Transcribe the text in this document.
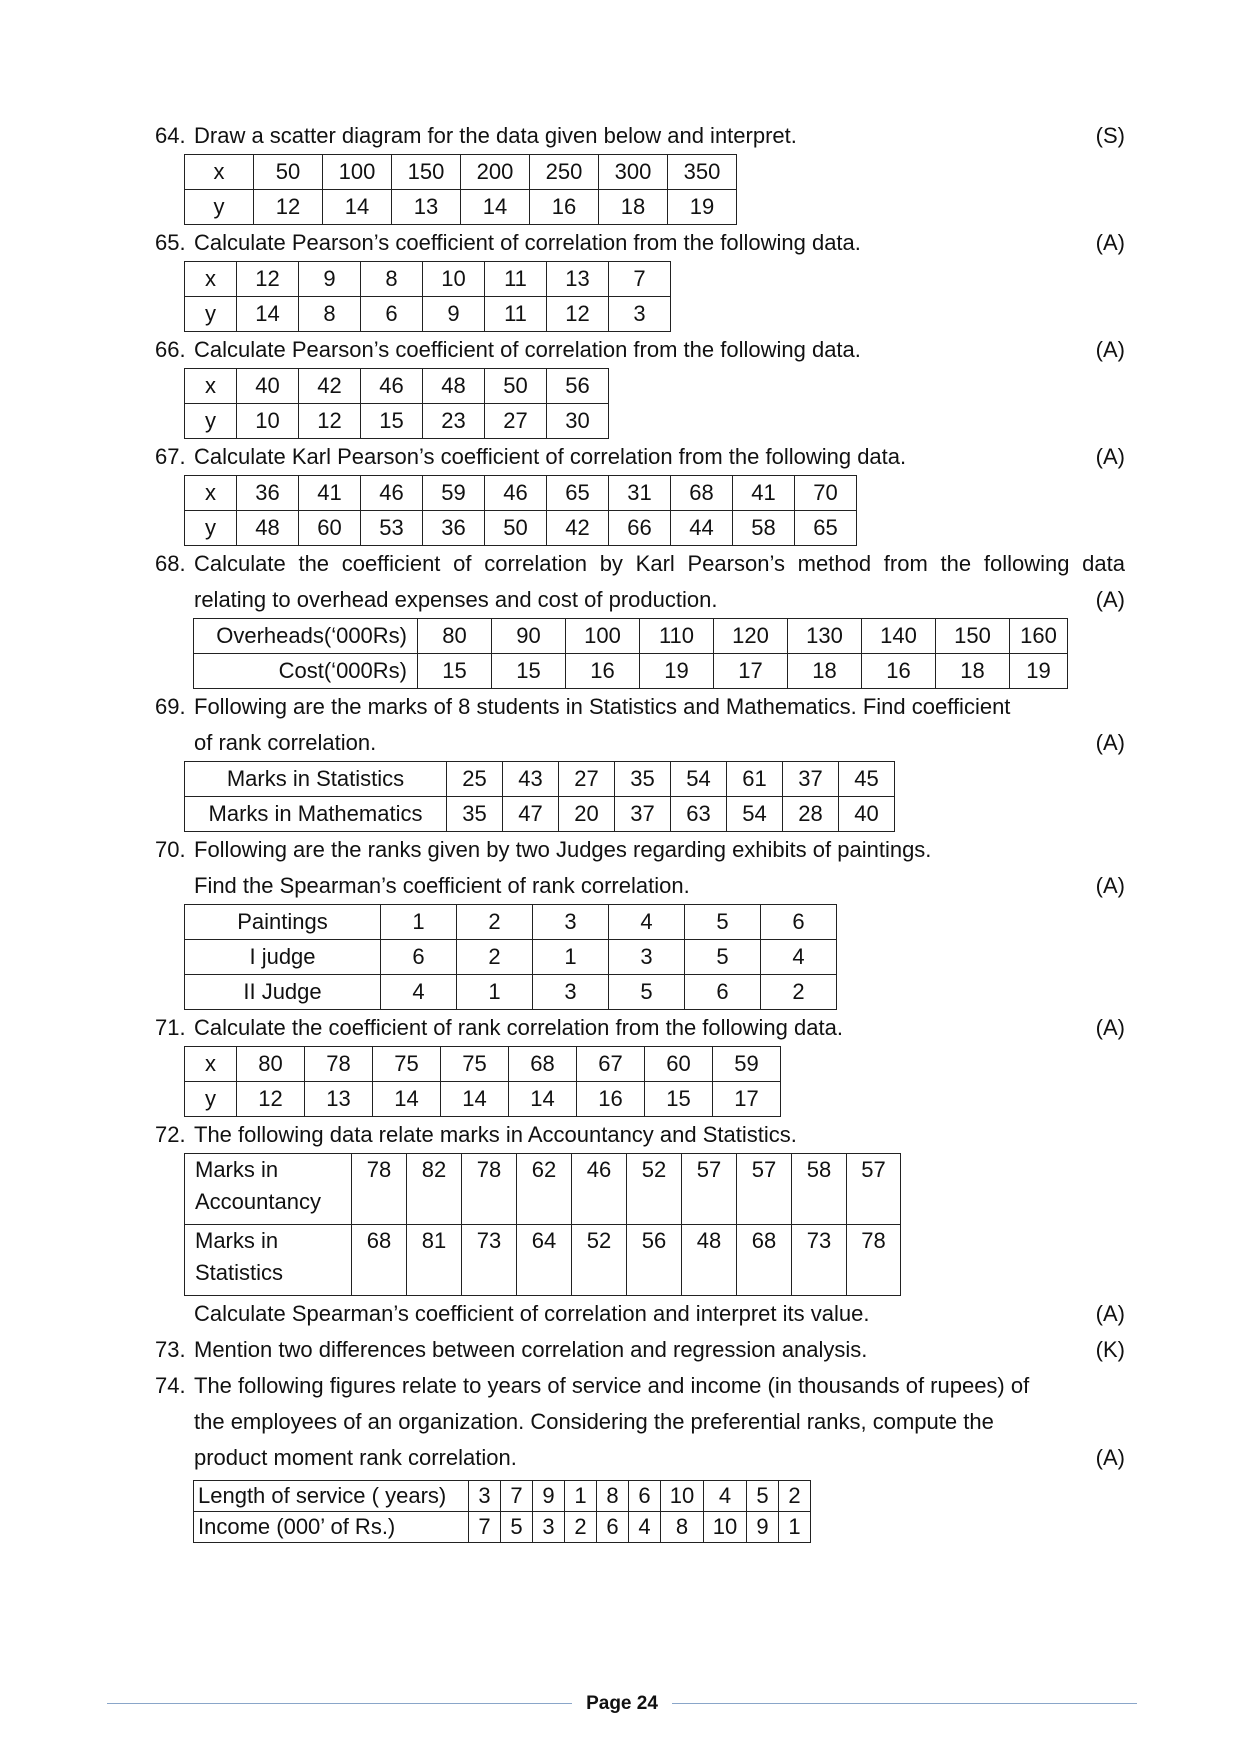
64. Draw a scatter diagram for the data given below and interpret.	(S)
x	50	100	150	200	250	300	350
y	12	14	13	14	16	18	19
65. Calculate Pearson’s coefficient of correlation from the following data.	(A)
x	12	9	8	10	11	13	7
y	14	8	6	9	11	12	3
66. Calculate Pearson’s coefficient of correlation from the following data.	(A)
x	40	42	46	48	50	56
y	10	12	15	23	27	30
67. Calculate Karl Pearson’s coefficient of correlation from the following data.	(A)
x	36	41	46	59	46	65	31	68	41	70
y	48	60	53	36	50	42	66	44	58	65
68. Calculate the coefficient of correlation by Karl Pearson’s method from the following data
relating to overhead expenses and cost of production.	(A)
Overheads(‘000Rs)	80	90	100	110	120	130	140	150	160
Cost(‘000Rs)	15	15	16	19	17	18	16	18	19
69. Following are the marks of 8 students in Statistics and Mathematics. Find coefficient
of rank correlation.	(A)
Marks in Statistics	25	43	27	35	54	61	37	45
Marks in Mathematics	35	47	20	37	63	54	28	40
70. Following are the ranks given by two Judges regarding exhibits of paintings.
Find the Spearman’s coefficient of rank correlation.	(A)
Paintings	1	2	3	4	5	6
I judge	6	2	1	3	5	4
II Judge	4	1	3	5	6	2
71. Calculate the coefficient of rank correlation from the following data.	(A)
x	80	78	75	75	68	67	60	59
y	12	13	14	14	14	16	15	17
72. The following data relate marks in Accountancy and Statistics.
Marks in
Accountancy	78	82	78	62	46	52	57	57	58	57

Marks in
Statistics	68	81	73	64	52	56	48	68	73	78
Calculate Spearman’s coefficient of correlation and interpret its value.	(A)
73. Mention two differences between correlation and regression analysis.	(K)
74. The following figures relate to years of service and income (in thousands of rupees) of
the employees of an organization. Considering the preferential ranks, compute the
product moment rank correlation.	(A)
Length of service ( years)	3	7	9	1	8	6	10	4	5	2
Income (000’ of Rs.)	7	5	3	2	6	4	8	10	9	1
Page 24
